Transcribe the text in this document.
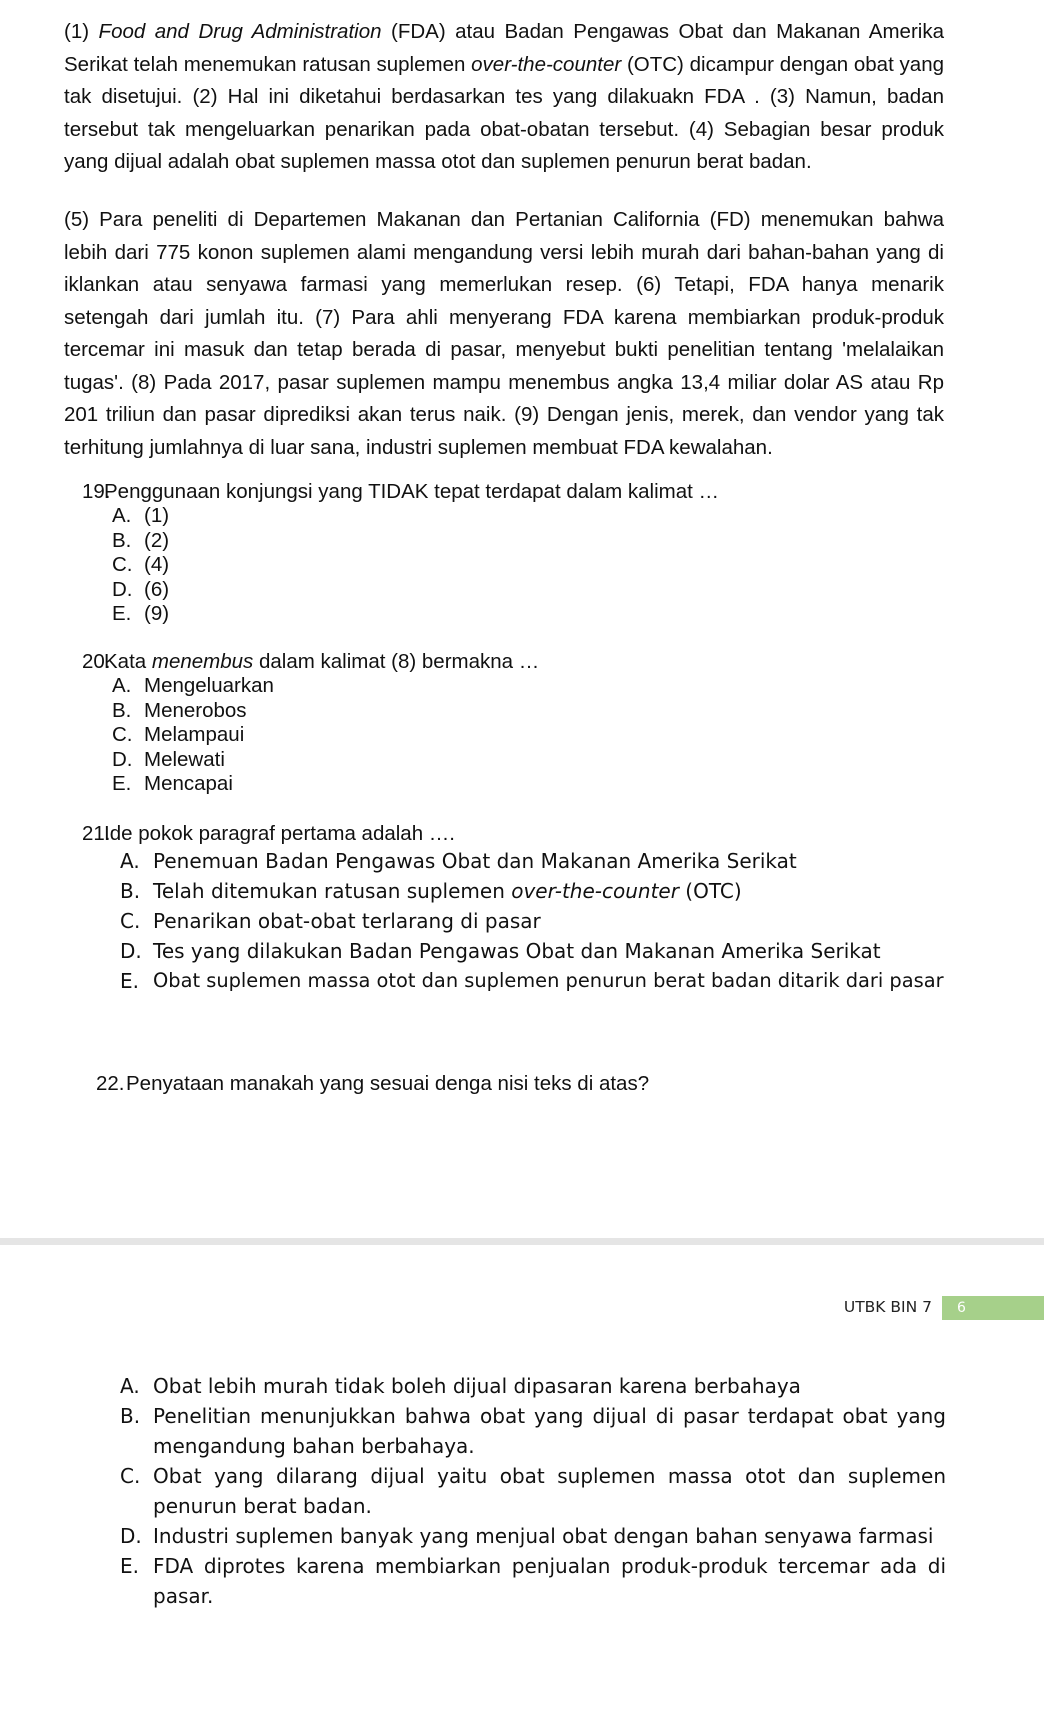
(1) Food and Drug Administration (FDA) atau Badan Pengawas Obat dan Makanan Amerika Serikat telah menemukan ratusan suplemen over-the-counter (OTC) dicampur dengan obat yang tak disetujui. (2) Hal ini diketahui berdasarkan tes yang dilakuakn FDA . (3) Namun, badan tersebut tak mengeluarkan penarikan pada obat-obatan tersebut. (4) Sebagian besar produk yang dijual adalah obat suplemen massa otot dan suplemen penurun berat badan.
(5) Para peneliti di Departemen Makanan dan Pertanian California (FD) menemukan bahwa lebih dari 775 konon suplemen alami mengandung versi lebih murah dari bahan-bahan yang di iklankan atau senyawa farmasi yang memerlukan resep. (6) Tetapi, FDA hanya menarik setengah dari jumlah itu. (7) Para ahli menyerang FDA karena membiarkan produk-produk tercemar ini masuk dan tetap berada di pasar, menyebut bukti penelitian tentang 'melalaikan tugas'. (8) Pada 2017, pasar suplemen mampu menembus angka 13,4 miliar dolar AS atau Rp 201 triliun dan pasar diprediksi akan terus naik. (9) Dengan jenis, merek, dan vendor yang tak terhitung jumlahnya di luar sana, industri suplemen membuat FDA kewalahan.
19.Penggunaan konjungsi yang TIDAK tepat terdapat dalam kalimat …
A. (1)
B. (2)
C. (4)
D. (6)
E. (9)
20.Kata menembus dalam kalimat (8) bermakna …
A. Mengeluarkan
B. Menerobos
C. Melampaui
D. Melewati
E. Mencapai
21.Ide pokok paragraf pertama adalah ….
A. Penemuan Badan Pengawas Obat dan Makanan Amerika Serikat
B. Telah ditemukan ratusan suplemen over-the-counter (OTC)
C. Penarikan obat-obat terlarang di pasar
D. Tes yang dilakukan Badan Pengawas Obat dan Makanan Amerika Serikat
E. Obat suplemen massa otot dan suplemen penurun berat badan ditarik dari pasar
22.Penyataan manakah yang sesuai denga nisi teks di atas?
UTBK BIN 7	6
A. Obat lebih murah tidak boleh dijual dipasaran karena berbahaya
B. Penelitian menunjukkan bahwa obat yang dijual di pasar terdapat obat yang mengandung bahan berbahaya.
C. Obat yang dilarang dijual yaitu obat suplemen massa otot dan suplemen penurun berat badan.
D. Industri suplemen banyak yang menjual obat dengan bahan senyawa farmasi
E. FDA diprotes karena membiarkan penjualan produk-produk tercemar ada di pasar.
